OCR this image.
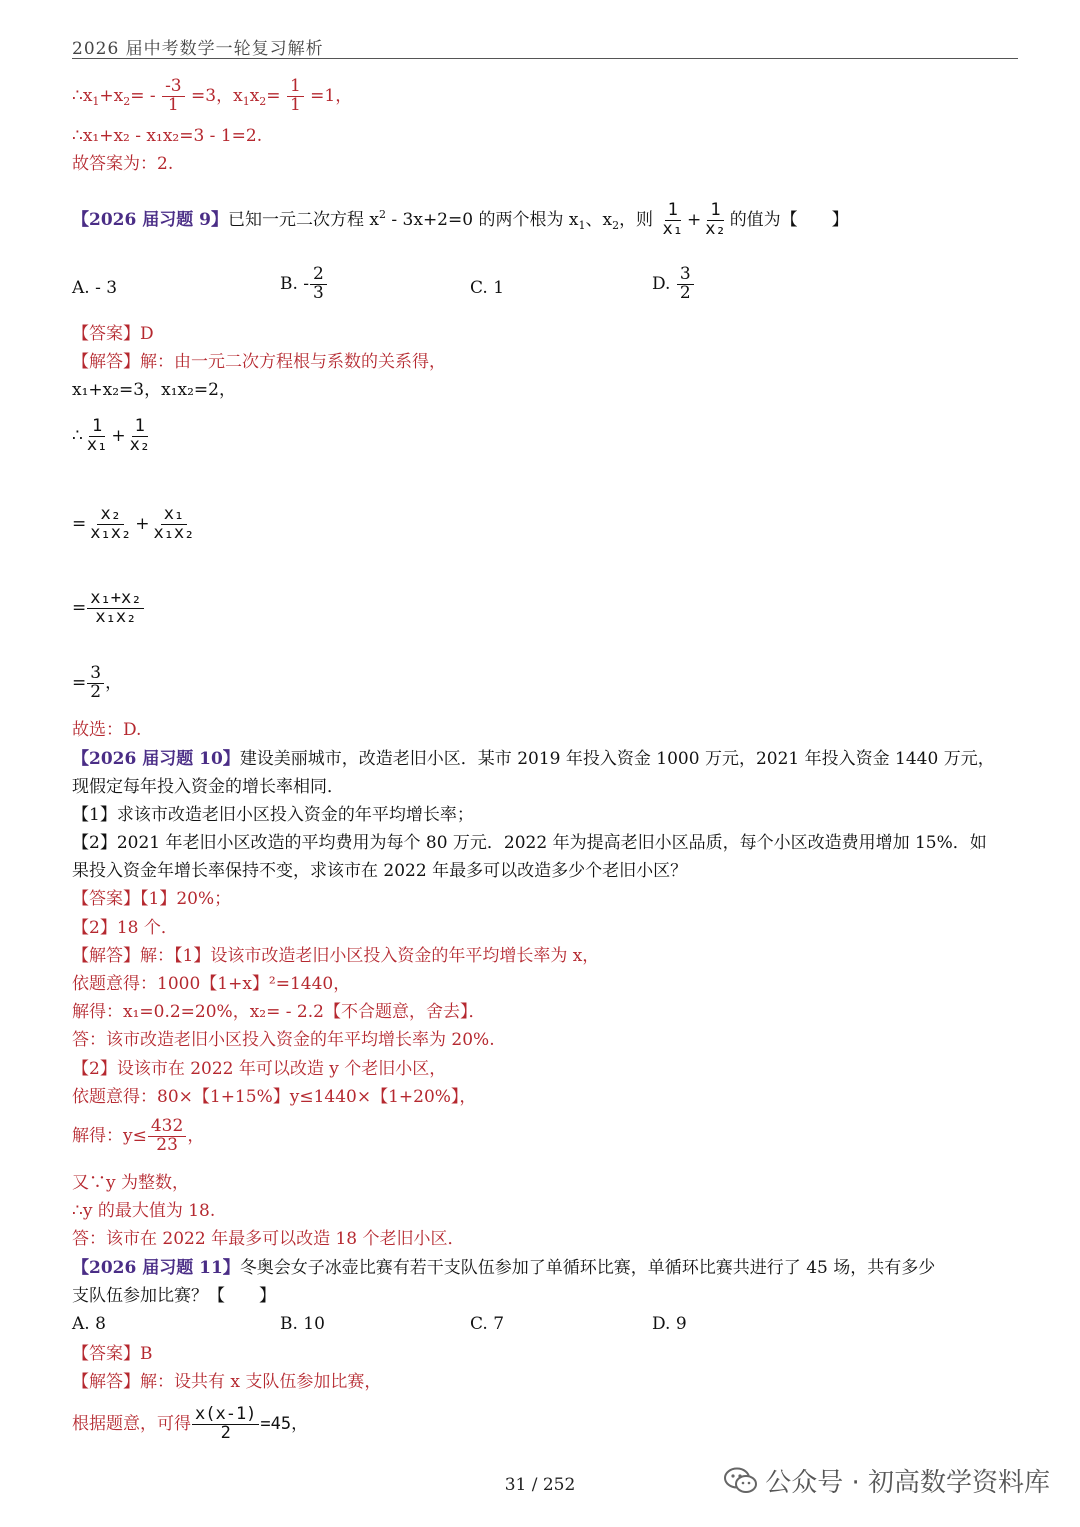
2026 届中考数学一轮复习解析
$\therefore x_1+x_2= - \frac{-3}{1} =3$，$x_1x_2= \frac{1}{1} =1$，
∴x₁+x₂ - x₁x₂=3 - 1=2.
故答案为：2.
【2026 届习题 9】已知一元二次方程 $x^2 - 3x+2=0$ 的两个根为 $x_1$、$x_2$，则 $\frac{1}{\text{x₁}} + \frac{1}{\text{x₂}}$ 的值为【　　】
A. - 3	B. - $\frac{2}{3}$	C. 1	D. $\frac{3}{2}$
【答案】D
【解答】解：由一元二次方程根与系数的关系得，
x₁+x₂=3，x₁x₂=2，
∴ $\frac{1}{\text{x₁}} + \frac{1}{\text{x₂}}$
= $\frac{\text{x₂}}{\text{x₁x₂}} + \frac{\text{x₁}}{\text{x₁x₂}}$
= $\frac{\text{x₁+x₂}}{\text{x₁x₂}}$
= $\frac{3}{2}$ ，
故选：D.
【2026 届习题 10】建设美丽城市，改造老旧小区．某市 2019 年投入资金 1000 万元，2021 年投入资金 1440 万元，
现假定每年投入资金的增长率相同．
【1】求该市改造老旧小区投入资金的年平均增长率；
【2】2021 年老旧小区改造的平均费用为每个 80 万元．2022 年为提高老旧小区品质，每个小区改造费用增加 15%．如
果投入资金年增长率保持不变，求该市在 2022 年最多可以改造多少个老旧小区？
【答案】【1】20%；
【2】18 个．
【解答】解：【1】设该市改造老旧小区投入资金的年平均增长率为 x，
依题意得：1000【1+x】²=1440，
解得：x₁=0.2=20%，x₂= - 2.2【不合题意，舍去】．
答：该市改造老旧小区投入资金的年平均增长率为 20%.
【2】设该市在 2022 年可以改造 y 个老旧小区，
依题意得：80×【1+15%】y≤1440×【1+20%】，
解得：$y\le \frac{432}{23}$ ，
又∵y 为整数，
∴y 的最大值为 18.
答：该市在 2022 年最多可以改造 18 个老旧小区．
【2026 届习题 11】冬奥会女子冰壶比赛有若干支队伍参加了单循环比赛，单循环比赛共进行了 45 场，共有多少
支队伍参加比赛？【　　】
A. 8	B. 10	C. 7	D. 9
【答案】B
【解答】解：设共有 x 支队伍参加比赛，
根据题意，可得 $\frac{x(x-1)}{2} =45$，
31 / 252	公众号 · 初高数学资料库
